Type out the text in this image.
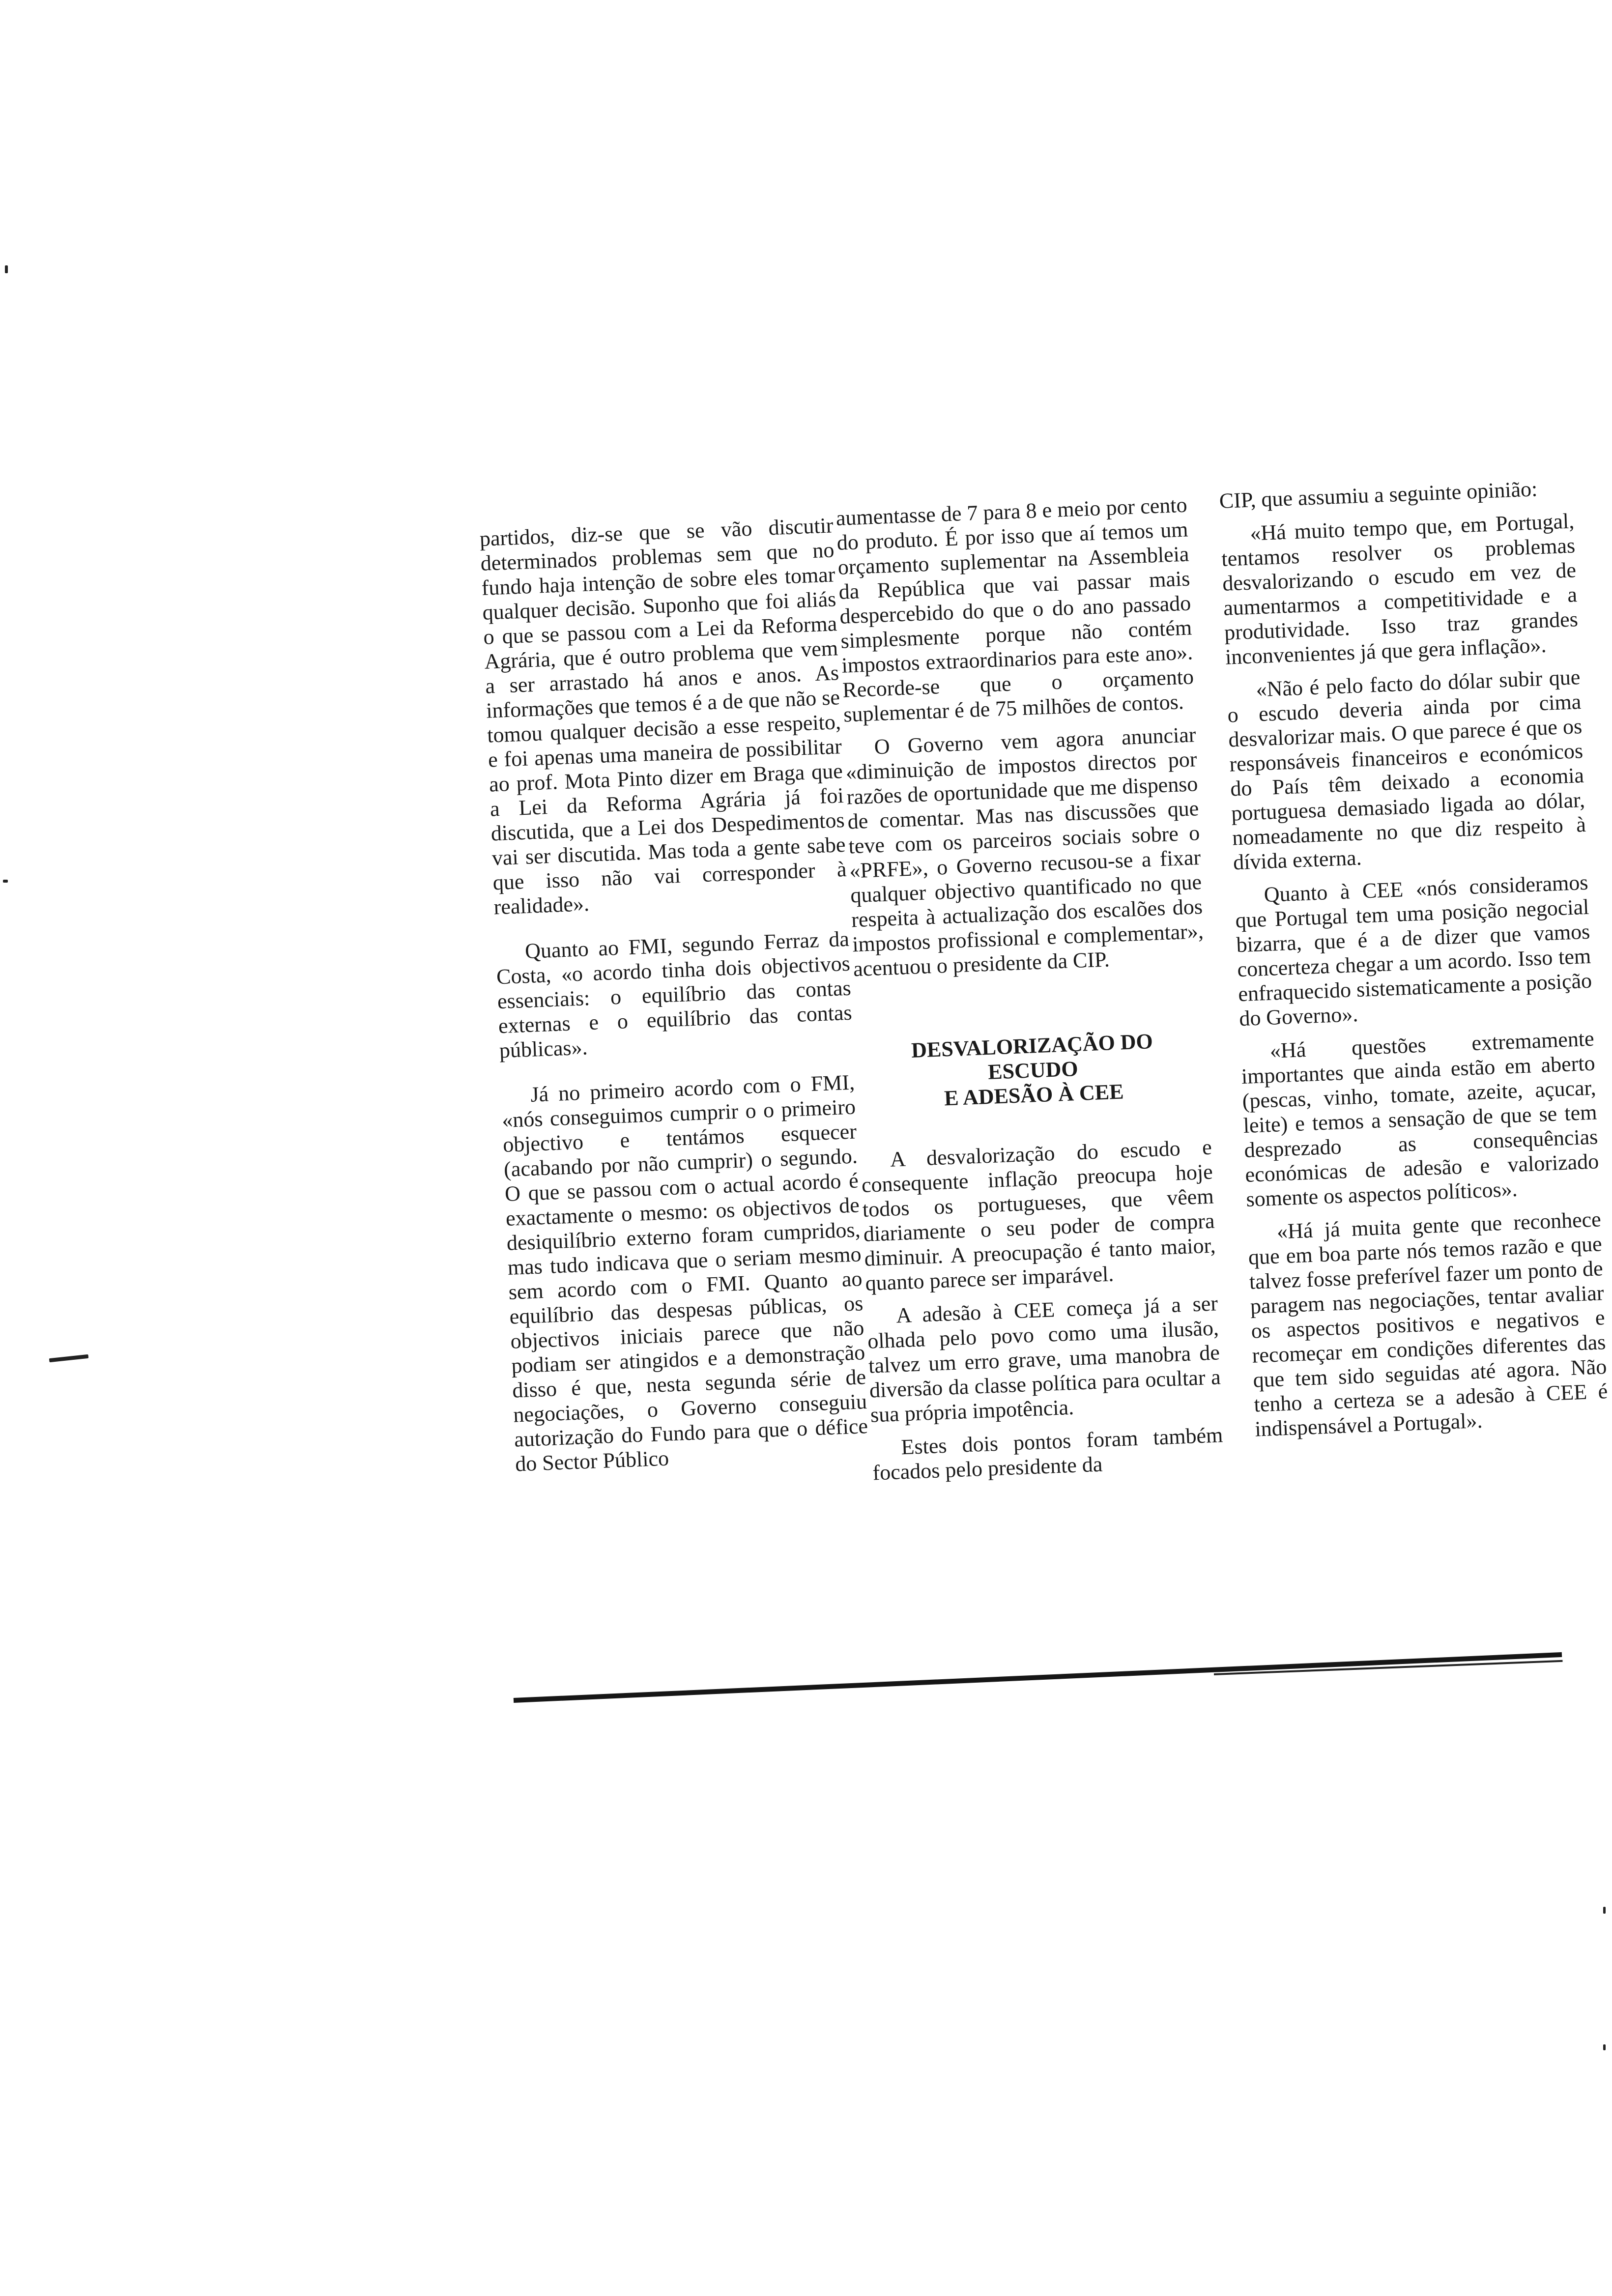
partidos, diz-se que se vão discutir determinados problemas sem que no fundo haja intenção de sobre eles tomar qualquer decisão. Suponho que foi aliás o que se passou com a Lei da Reforma Agrária, que é outro problema que vem a ser arrastado há anos e anos. As informações que temos é a de que não se tomou qualquer decisão a esse respeito, e foi apenas uma maneira de possibilitar ao prof. Mota Pinto dizer em Braga que a Lei da Reforma Agrária já foi discutida, que a Lei dos Despedimentos vai ser discutida. Mas toda a gente sabe que isso não vai corresponder à realidade».

Quanto ao FMI, segundo Ferraz da Costa, «o acordo tinha dois objectivos essenciais: o equilíbrio das contas externas e o equilíbrio das contas públicas».

Já no primeiro acordo com o FMI, «nós conseguimos cumprir o o primeiro objectivo e tentámos esquecer (acabando por não cumprir) o segundo. O que se passou com o actual acordo é exactamente o mesmo: os objectivos de desiquilíbrio externo foram cumpridos, mas tudo indicava que o seriam mesmo sem acordo com o FMI. Quanto ao equilíbrio das despesas públicas, os objectivos iniciais parece que não podiam ser atingidos e a demonstração disso é que, nesta segunda série de negociações, o Governo conseguiu autorização do Fundo para que o défice do Sector Público

aumentasse de 7 para 8 e meio por cento do produto. É por isso que aí temos um orçamento suplementar na Assembleia da República que vai passar mais despercebido do que o do ano passado simplesmente porque não contém impostos extraordinarios para este ano». Recorde-se que o orçamento suplementar é de 75 milhões de contos.

O Governo vem agora anunciar «diminuição de impostos directos por razões de oportunidade que me dispenso de comentar. Mas nas discussões que teve com os parceiros sociais sobre o «PRFE», o Governo recusou-se a fixar qualquer objectivo quantificado no que respeita à actualização dos escalões dos impostos profissional e complementar», acentuou o presidente da CIP.

DESVALORIZAÇÃO DO
ESCUDO
E ADESÃO À CEE

A desvalorização do escudo e consequente inflação preocupa hoje todos os portugueses, que vêem diariamente o seu poder de compra diminuir. A preocupação é tanto maior, quanto parece ser imparável.

A adesão à CEE começa já a ser olhada pelo povo como uma ilusão, talvez um erro grave, uma manobra de diversão da classe política para ocultar a sua própria impotência.

Estes dois pontos foram também focados pelo presidente da

CIP, que assumiu a seguinte opinião:

«Há muito tempo que, em Portugal, tentamos resolver os problemas desvalorizando o escudo em vez de aumentarmos a competitividade e a produtividade. Isso traz grandes inconvenientes já que gera inflação».

«Não é pelo facto do dólar subir que o escudo deveria ainda por cima desvalorizar mais. O que parece é que os responsáveis financeiros e económicos do País têm deixado a economia portuguesa demasiado ligada ao dólar, nomeadamente no que diz respeito à dívida externa.

Quanto à CEE «nós consideramos que Portugal tem uma posição negocial bizarra, que é a de dizer que vamos concerteza chegar a um acordo. Isso tem enfraquecido sistematicamente a posição do Governo».

«Há questões extremamente importantes que ainda estão em aberto (pescas, vinho, tomate, azeite, açucar, leite) e temos a sensação de que se tem desprezado as consequências económicas de adesão e valorizado somente os aspectos políticos».

«Há já muita gente que reconhece que em boa parte nós temos razão e que talvez fosse preferível fazer um ponto de paragem nas negociações, tentar avaliar os aspectos positivos e negativos e recomeçar em condições diferentes das que tem sido seguidas até agora. Não tenho a certeza se a adesão à CEE é indispensável a Portugal».
